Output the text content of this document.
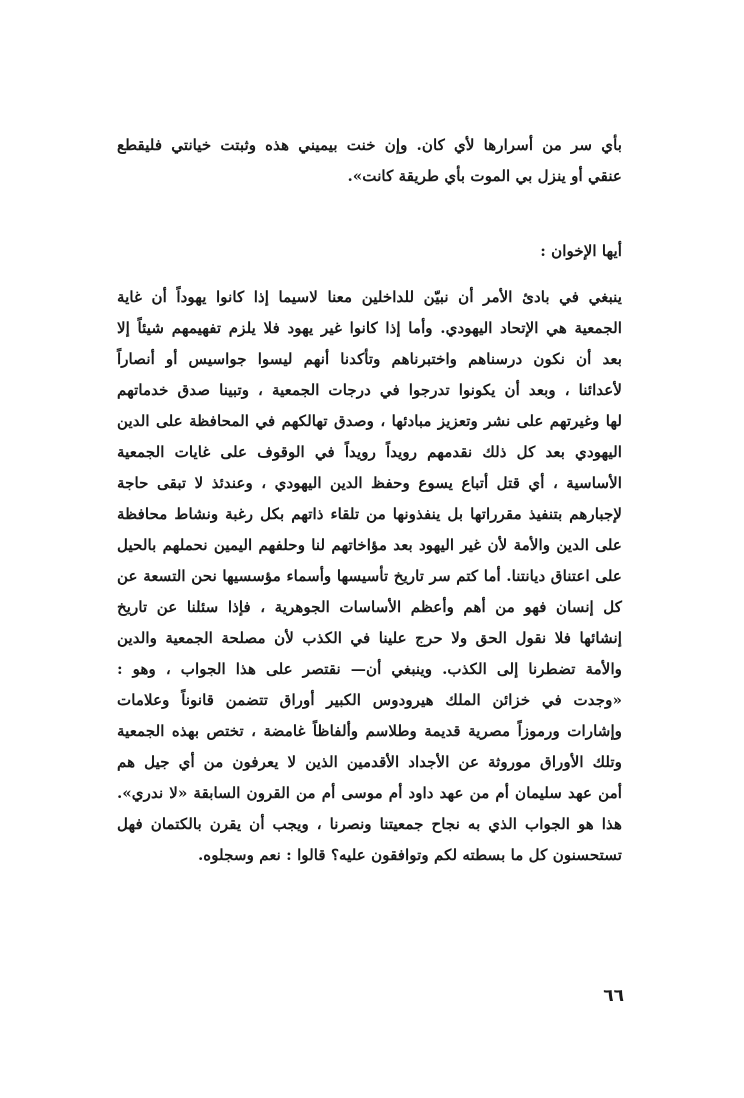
بأي سر من أسرارها لأي كان. وإن خنت بيميني هذه وثبتت خيانتي فليقطع
عنقي أو ينزل بي الموت بأي طريقة كانت».
أيها الإخوان :
ينبغي في بادئ الأمر أن نبيّن للداخلين معنا لاسيما إذا كانوا يهوداً أن غاية
الجمعية هي الإتحاد اليهودي. وأما إذا كانوا غير يهود فلا يلزم تفهيمهم شيئاً إلا
بعد أن نكون درسناهم واختبرناهم وتأكدنا أنهم ليسوا جواسيس أو أنصاراً
لأعدائنا ، وبعد أن يكونوا تدرجوا في درجات الجمعية ، وتبينا صدق خدماتهم
لها وغيرتهم على نشر وتعزيز مبادئها ، وصدق تهالكهم في المحافظة على الدين
اليهودي بعد كل ذلك نقدمهم رويداً رويداً في الوقوف على غايات الجمعية
الأساسية ، أي قتل أتباع يسوع وحفظ الدين اليهودي ، وعندئذ لا تبقى حاجة
لإجبارهم بتنفيذ مقرراتها بل ينفذونها من تلقاء ذاتهم بكل رغبة ونشاط محافظة
على الدين والأمة لأن غير اليهود بعد مؤاخاتهم لنا وحلفهم اليمين نحملهم بالحيل
على اعتناق ديانتنا. أما كتم سر تاريخ تأسيسها وأسماء مؤسسيها نحن التسعة عن
كل إنسان فهو من أهم وأعظم الأساسات الجوهرية ، فإذا سئلنا عن تاريخ
إنشائها فلا نقول الحق ولا حرج علينا في الكذب لأن مصلحة الجمعية والدين
والأمة تضطرنا إلى الكذب. وينبغي أن— نقتصر على هذا الجواب ، وهو :
«وجدت في خزائن الملك هيرودوس الكبير أوراق تتضمن قانوناً وعلامات
وإشارات ورموزاً مصرية قديمة وطلاسم وألفاظاً غامضة ، تختص بهذه الجمعية
وتلك الأوراق موروثة عن الأجداد الأقدمين الذين لا يعرفون من أي جيل هم
أمن عهد سليمان أم من عهد داود أم موسى أم من القرون السابقة «لا ندري».
هذا هو الجواب الذي به نجاح جمعيتنا ونصرنا ، ويجب أن يقرن بالكتمان فهل
تستحسنون كل ما بسطته لكم وتوافقون عليه؟ قالوا : نعم وسجلوه.
٦٦
